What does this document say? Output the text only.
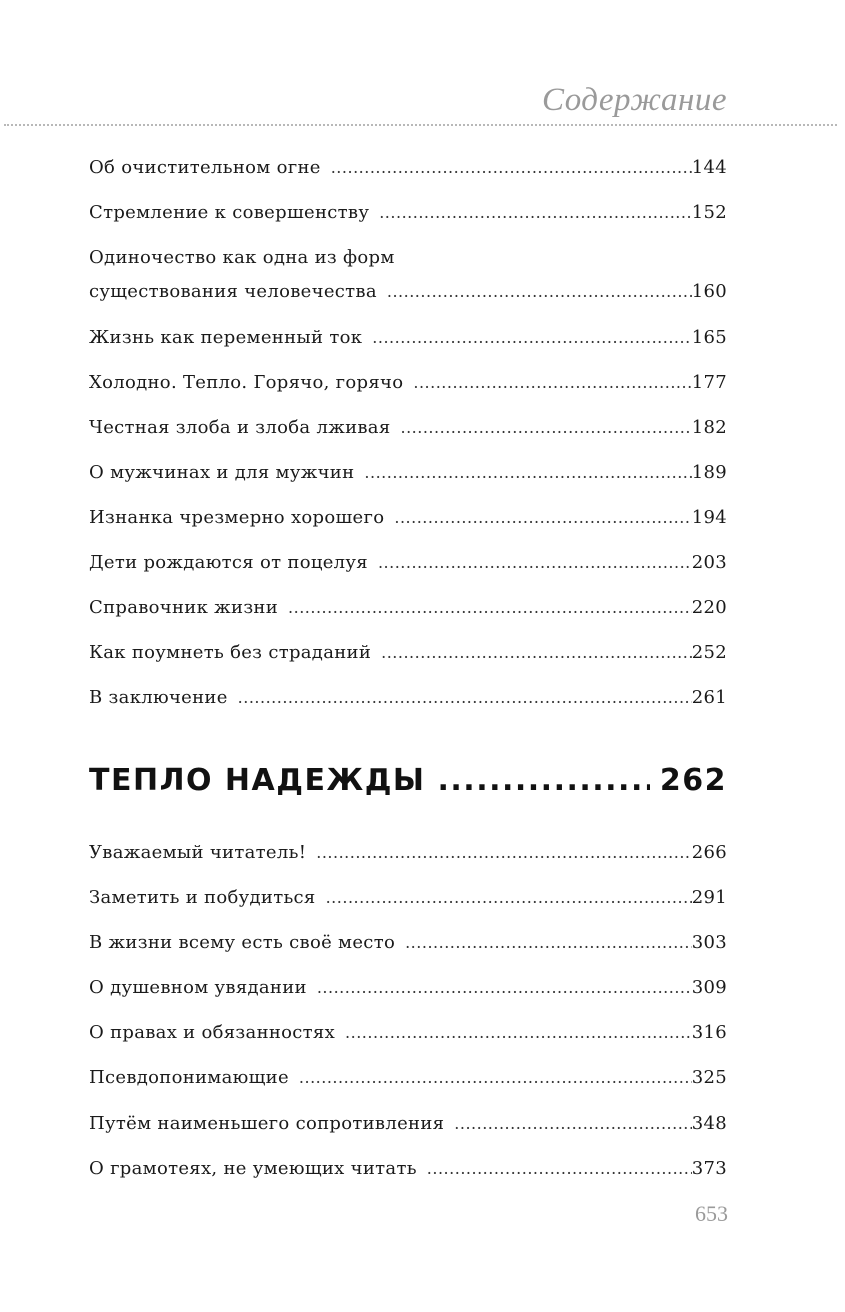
Содержание
Об очистительном огне .....	144
Стремление к совершенству .....	152
Одиночество как одна из форм
существования человечества .....	160
Жизнь как переменный ток .....	165
Холодно. Тепло. Горячо, горячо .....	177
Честная злоба и злоба лживая .....	182
О мужчинах и для мужчин .....	189
Изнанка чрезмерно хорошего .....	194
Дети рождаются от поцелуя .....	203
Справочник жизни .....	220
Как поумнеть без страданий .....	252
В заключение .....	261
ТЕПЛО НАДЕЖДЫ .....	262
Уважаемый читатель! .....	266
Заметить и побудиться .....	291
В жизни всему есть своё место .....	303
О душевном увядании .....	309
О правах и обязанностях .....	316
Псевдопонимающие .....	325
Путём наименьшего сопротивления .....	348
О грамотеях, не умеющих читать .....	373
653
